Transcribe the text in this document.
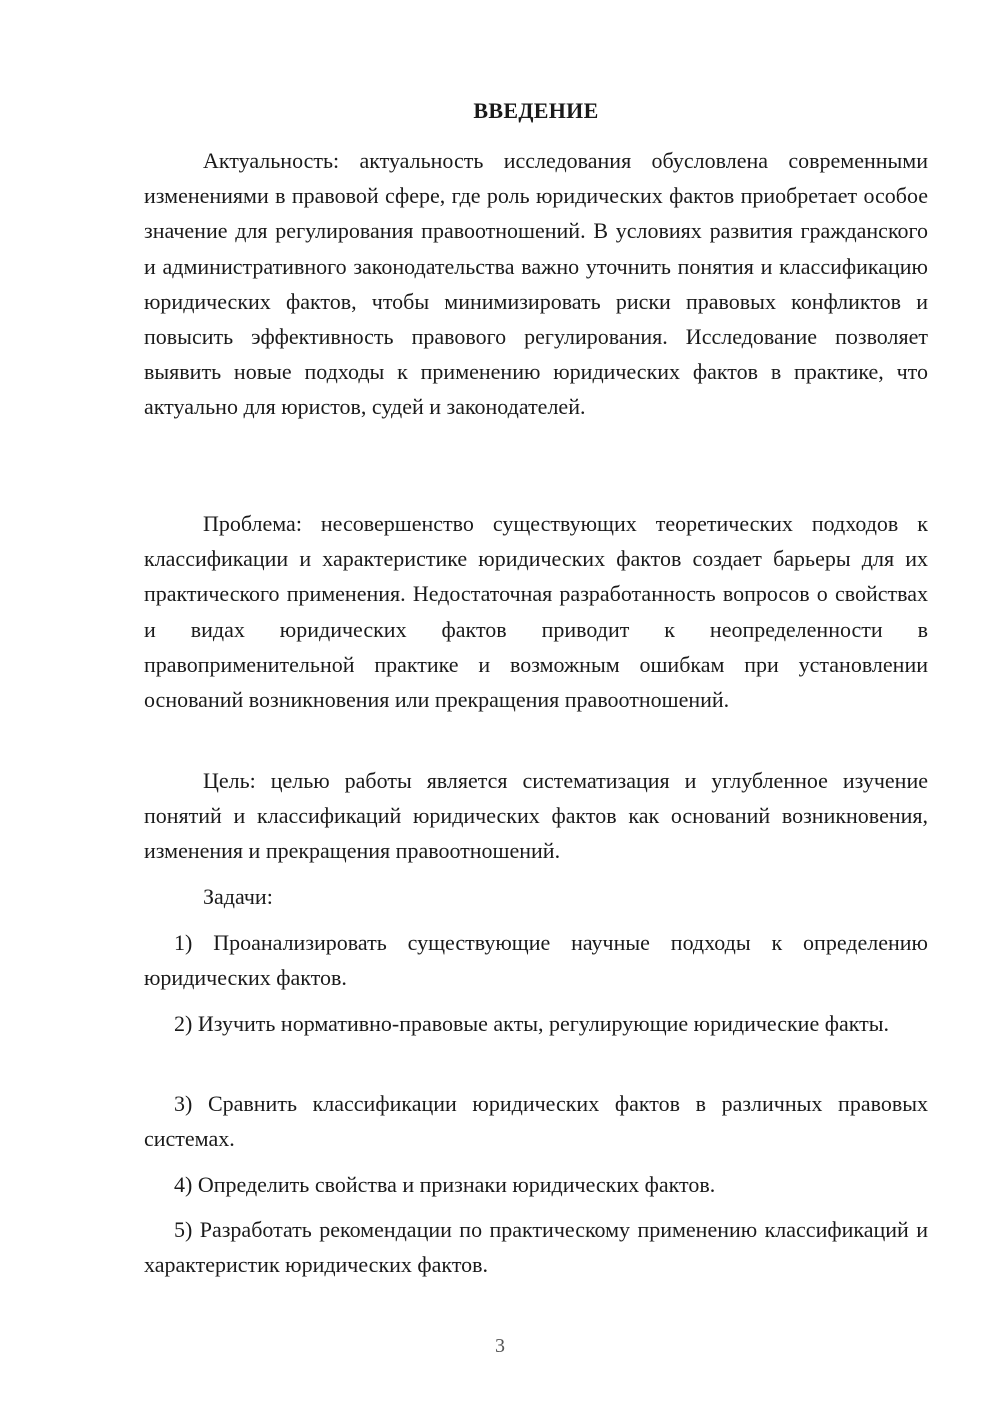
ВВЕДЕНИЕ

Актуальность: актуальность исследования обусловлена современными изменениями в правовой сфере, где роль юридических фактов приобретает особое значение для регулирования правоотношений. В условиях развития гражданского и административного законодательства важно уточнить понятия и классификацию юридических фактов, чтобы минимизировать риски правовых конфликтов и повысить эффективность правового регулирования. Исследование позволяет выявить новые подходы к применению юридических фактов в практике, что актуально для юристов, судей и законодателей.

Проблема: несовершенство существующих теоретических подходов к классификации и характеристике юридических фактов создает барьеры для их практического применения. Недостаточная разработанность вопросов о свойствах и видах юридических фактов приводит к неопределенности в правоприменительной практике и возможным ошибкам при установлении оснований возникновения или прекращения правоотношений.

Цель: целью работы является систематизация и углубленное изучение понятий и классификаций юридических фактов как оснований возникновения, изменения и прекращения правоотношений.

Задачи:

1) Проанализировать существующие научные подходы к определению юридических фактов.

2) Изучить нормативно-правовые акты, регулирующие юридические факты.

3) Сравнить классификации юридических фактов в различных правовых системах.

4) Определить свойства и признаки юридических фактов.

5) Разработать рекомендации по практическому применению классификаций и характеристик юридических фактов.

3
